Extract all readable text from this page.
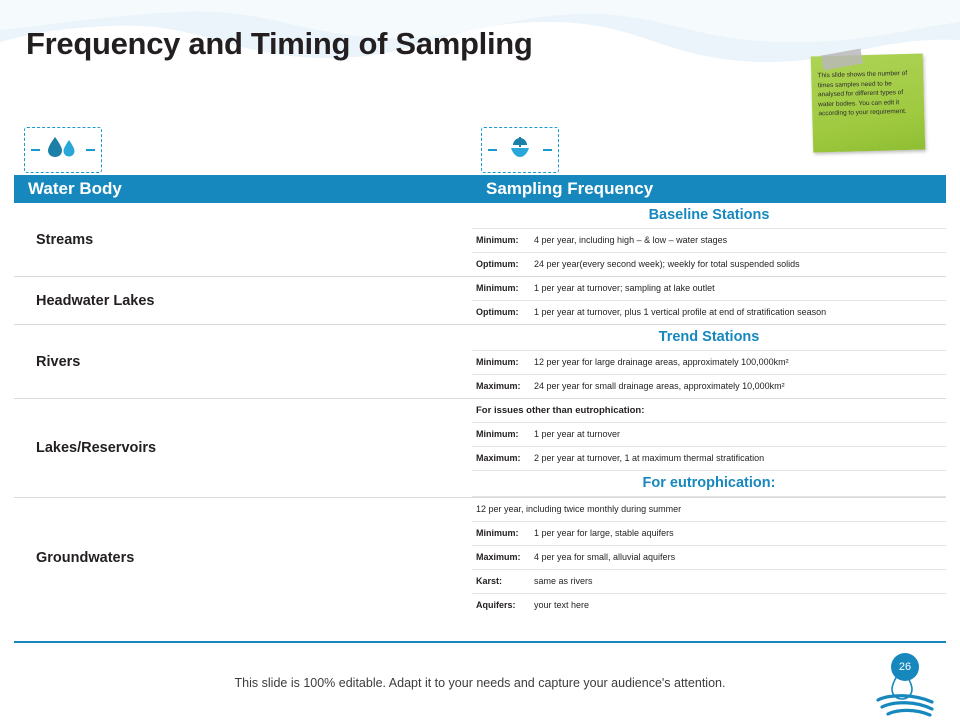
Frequency and Timing of Sampling
This slide shows the number of times samples need to be analysed for different types of water bodies. You can edit it according to your requirement.
Water Body	Sampling Frequency
Streams
Baseline Stations
Minimum: 4 per year, including high – & low – water stages
Optimum: 24 per year(every second week); weekly for total suspended solids
Headwater Lakes
Minimum: 1 per year at turnover; sampling at lake outlet
Optimum: 1 per year at turnover, plus 1 vertical profile at end of stratification season
Rivers
Trend Stations
Minimum: 12 per year for large drainage areas, approximately 100,000km²
Maximum: 24 per year for small drainage areas, approximately 10,000km²
Lakes/Reservoirs
For issues other than eutrophication:
Minimum: 1 per year at turnover
Maximum: 2 per year at turnover, 1 at maximum thermal stratification
For eutrophication:
Groundwaters
12 per year, including twice monthly during summer
Minimum: 1 per year for large, stable aquifers
Maximum: 4 per yea for small, alluvial aquifers
Karst:	same as rivers
Aquifers: your text here
This slide is 100% editable. Adapt it to your needs and capture your audience's attention.
26
